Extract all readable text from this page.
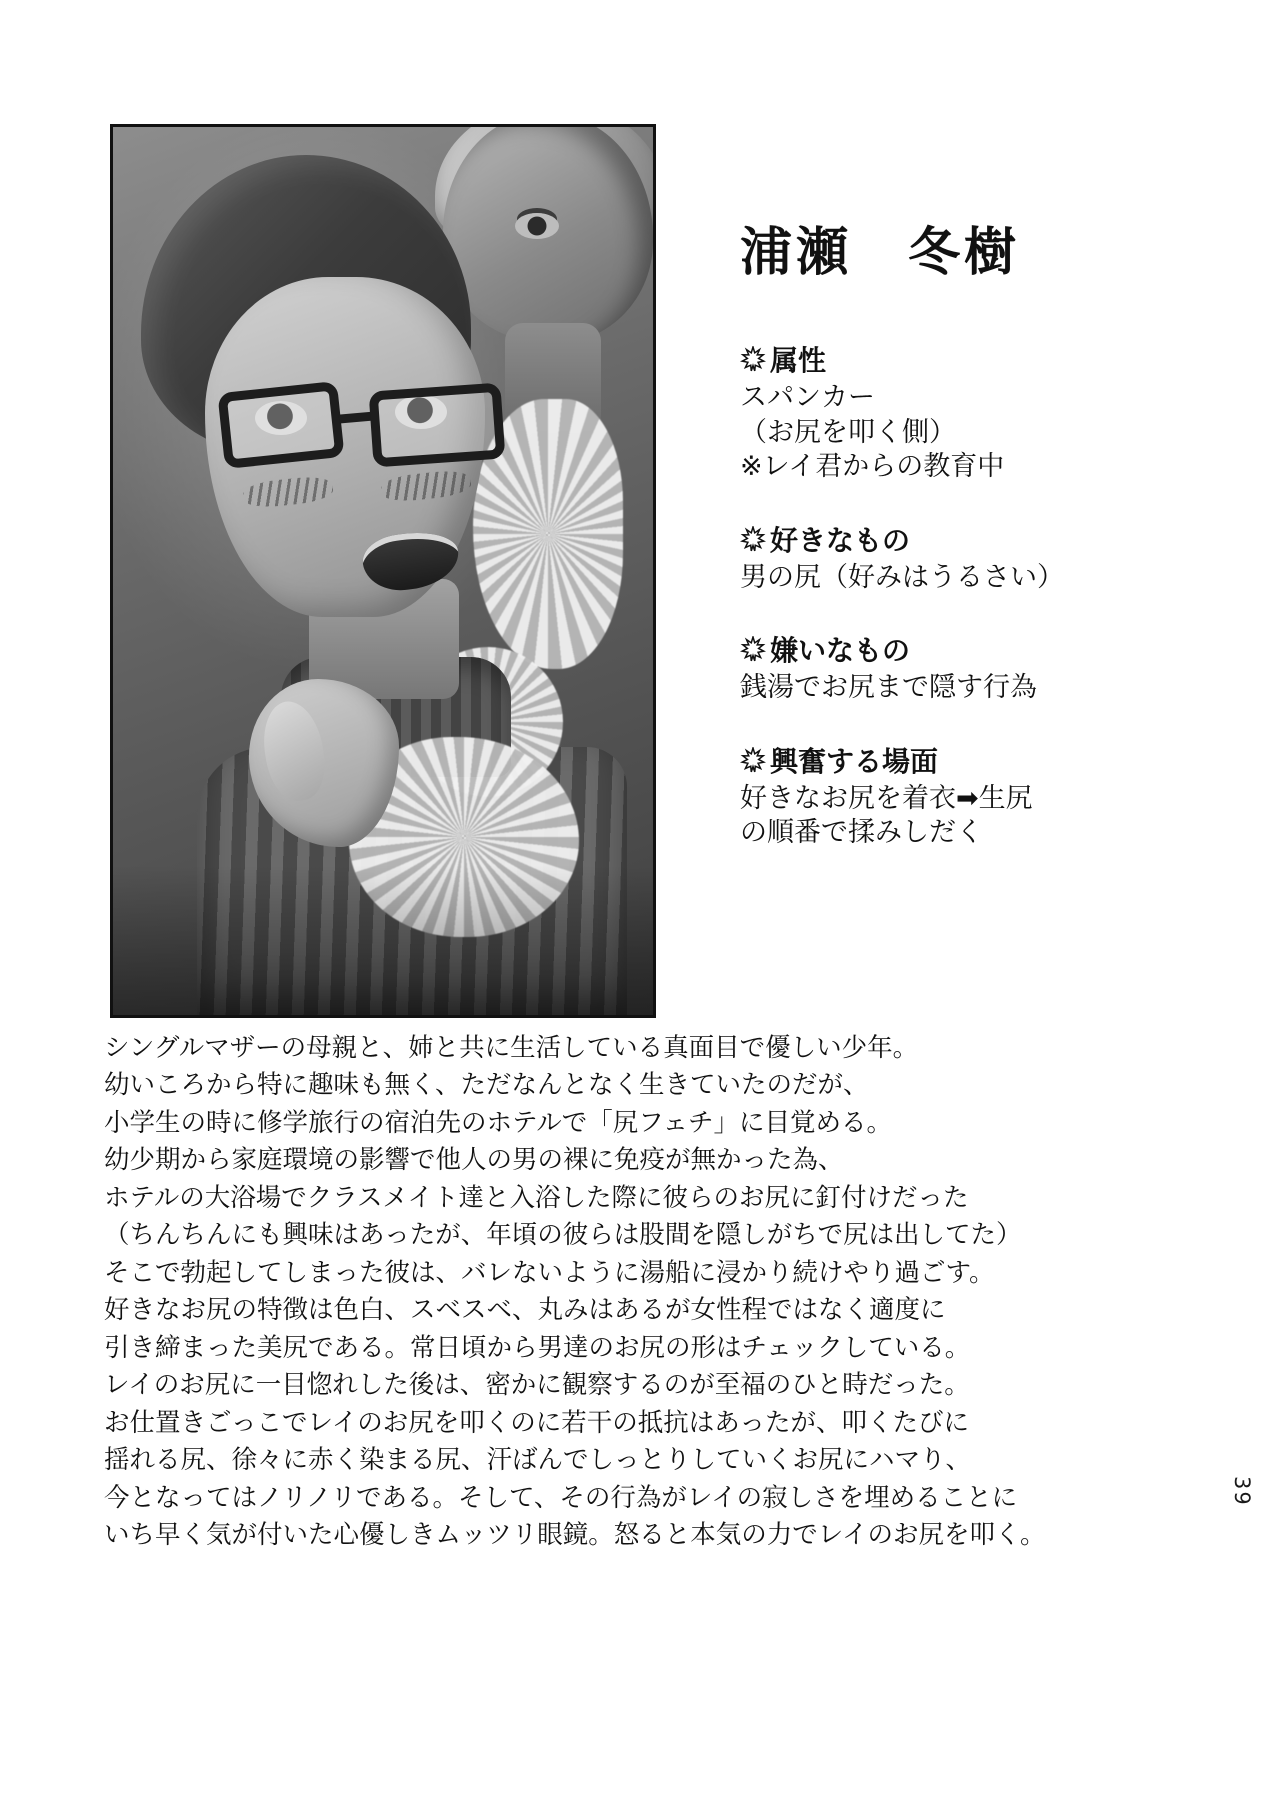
浦瀬　冬樹
属性
スパンカー
（お尻を叩く側）
※レイ君からの教育中
好きなもの
男の尻（好みはうるさい）
嫌いなもの
銭湯でお尻まで隠す行為
興奮する場面
好きなお尻を着衣➡生尻
の順番で揉みしだく
シングルマザーの母親と、姉と共に生活している真面目で優しい少年。
幼いころから特に趣味も無く、ただなんとなく生きていたのだが、
小学生の時に修学旅行の宿泊先のホテルで「尻フェチ」に目覚める。
幼少期から家庭環境の影響で他人の男の裸に免疫が無かった為、
ホテルの大浴場でクラスメイト達と入浴した際に彼らのお尻に釘付けだった
（ちんちんにも興味はあったが、年頃の彼らは股間を隠しがちで尻は出してた）
そこで勃起してしまった彼は、バレないように湯船に浸かり続けやり過ごす。
好きなお尻の特徴は色白、スベスベ、丸みはあるが女性程ではなく適度に
引き締まった美尻である。常日頃から男達のお尻の形はチェックしている。
レイのお尻に一目惚れした後は、密かに観察するのが至福のひと時だった。
お仕置きごっこでレイのお尻を叩くのに若干の抵抗はあったが、叩くたびに
揺れる尻、徐々に赤く染まる尻、汗ばんでしっとりしていくお尻にハマり、
今となってはノリノリである。そして、その行為がレイの寂しさを埋めることに
いち早く気が付いた心優しきムッツリ眼鏡。怒ると本気の力でレイのお尻を叩く。
39
